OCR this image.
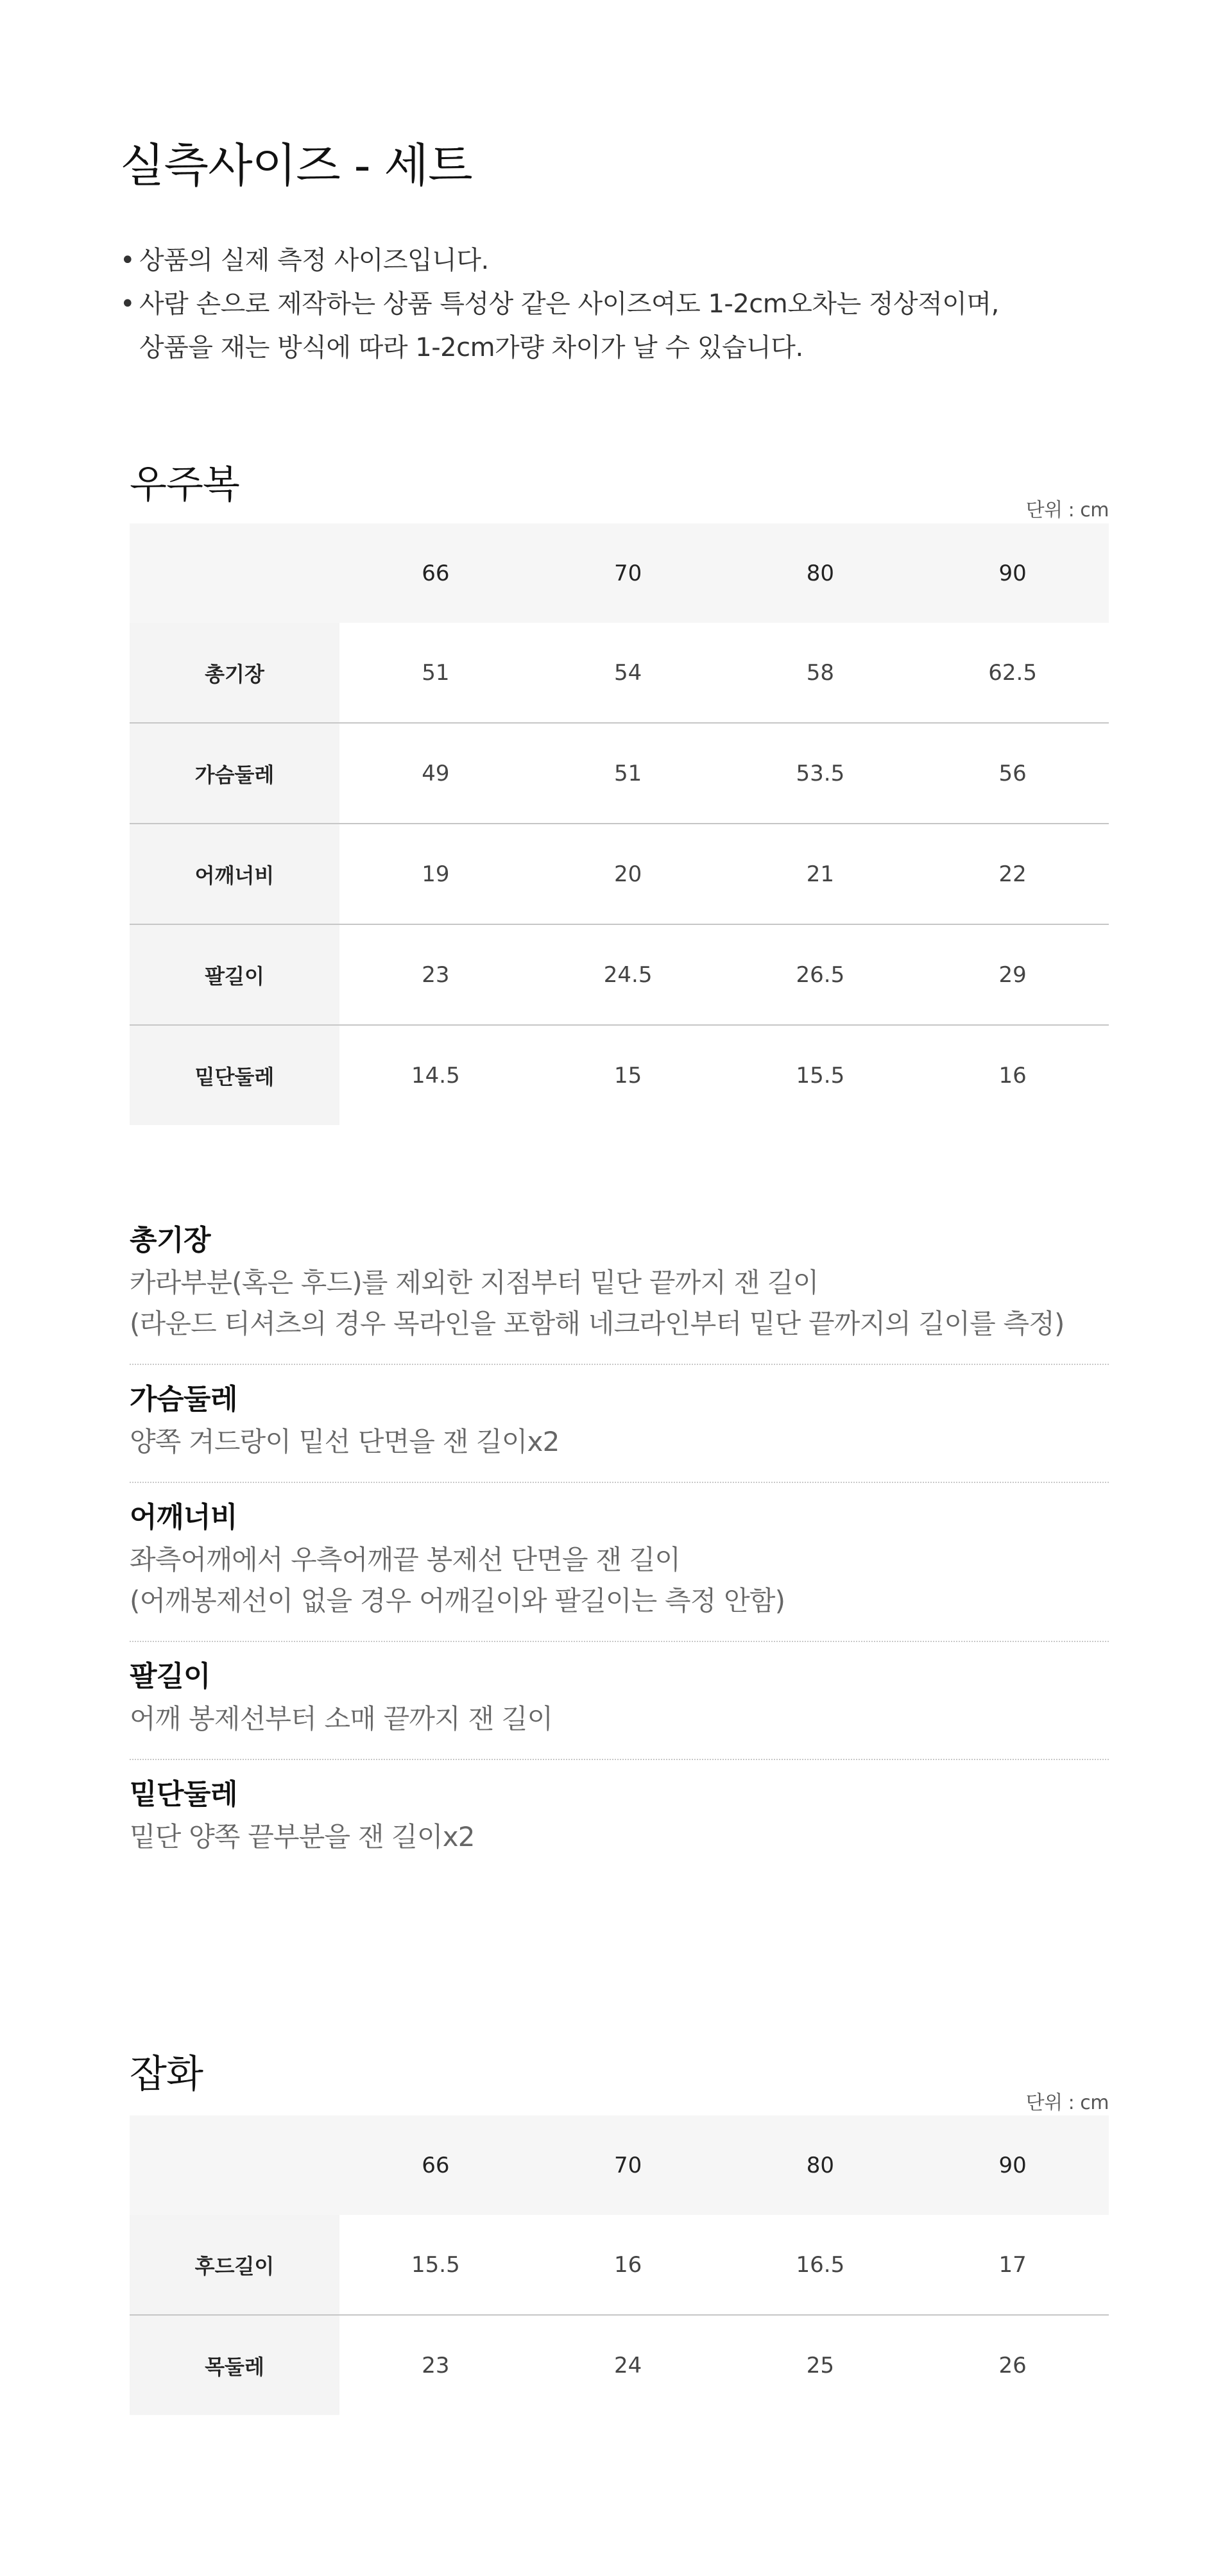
실측사이즈 - 세트
• 상품의 실제 측정 사이즈입니다.
• 사람 손으로 제작하는 상품 특성상 같은 사이즈여도 1-2cm오차는 정상적이며,
상품을 재는 방식에 따라 1-2cm가량 차이가 날 수 있습니다.
우주복
단위 : cm
	66	70	80	90
총기장	51	54	58	62.5
가슴둘레	49	51	53.5	56
어깨너비	19	20	21	22
팔길이	23	24.5	26.5	29
밑단둘레	14.5	15	15.5	16
총기장
카라부분(혹은 후드)를 제외한 지점부터 밑단 끝까지 잰 길이
(라운드 티셔츠의 경우 목라인을 포함해 네크라인부터 밑단 끝까지의 길이를 측정)
가슴둘레
양쪽 겨드랑이 밑선 단면을 잰 길이x2
어깨너비
좌측어깨에서 우측어깨끝 봉제선 단면을 잰 길이
(어깨봉제선이 없을 경우 어깨길이와 팔길이는 측정 안함)
팔길이
어깨 봉제선부터 소매 끝까지 잰 길이
밑단둘레
밑단 양쪽 끝부분을 잰 길이x2
잡화
단위 : cm
	66	70	80	90
후드길이	15.5	16	16.5	17
목둘레	23	24	25	26
